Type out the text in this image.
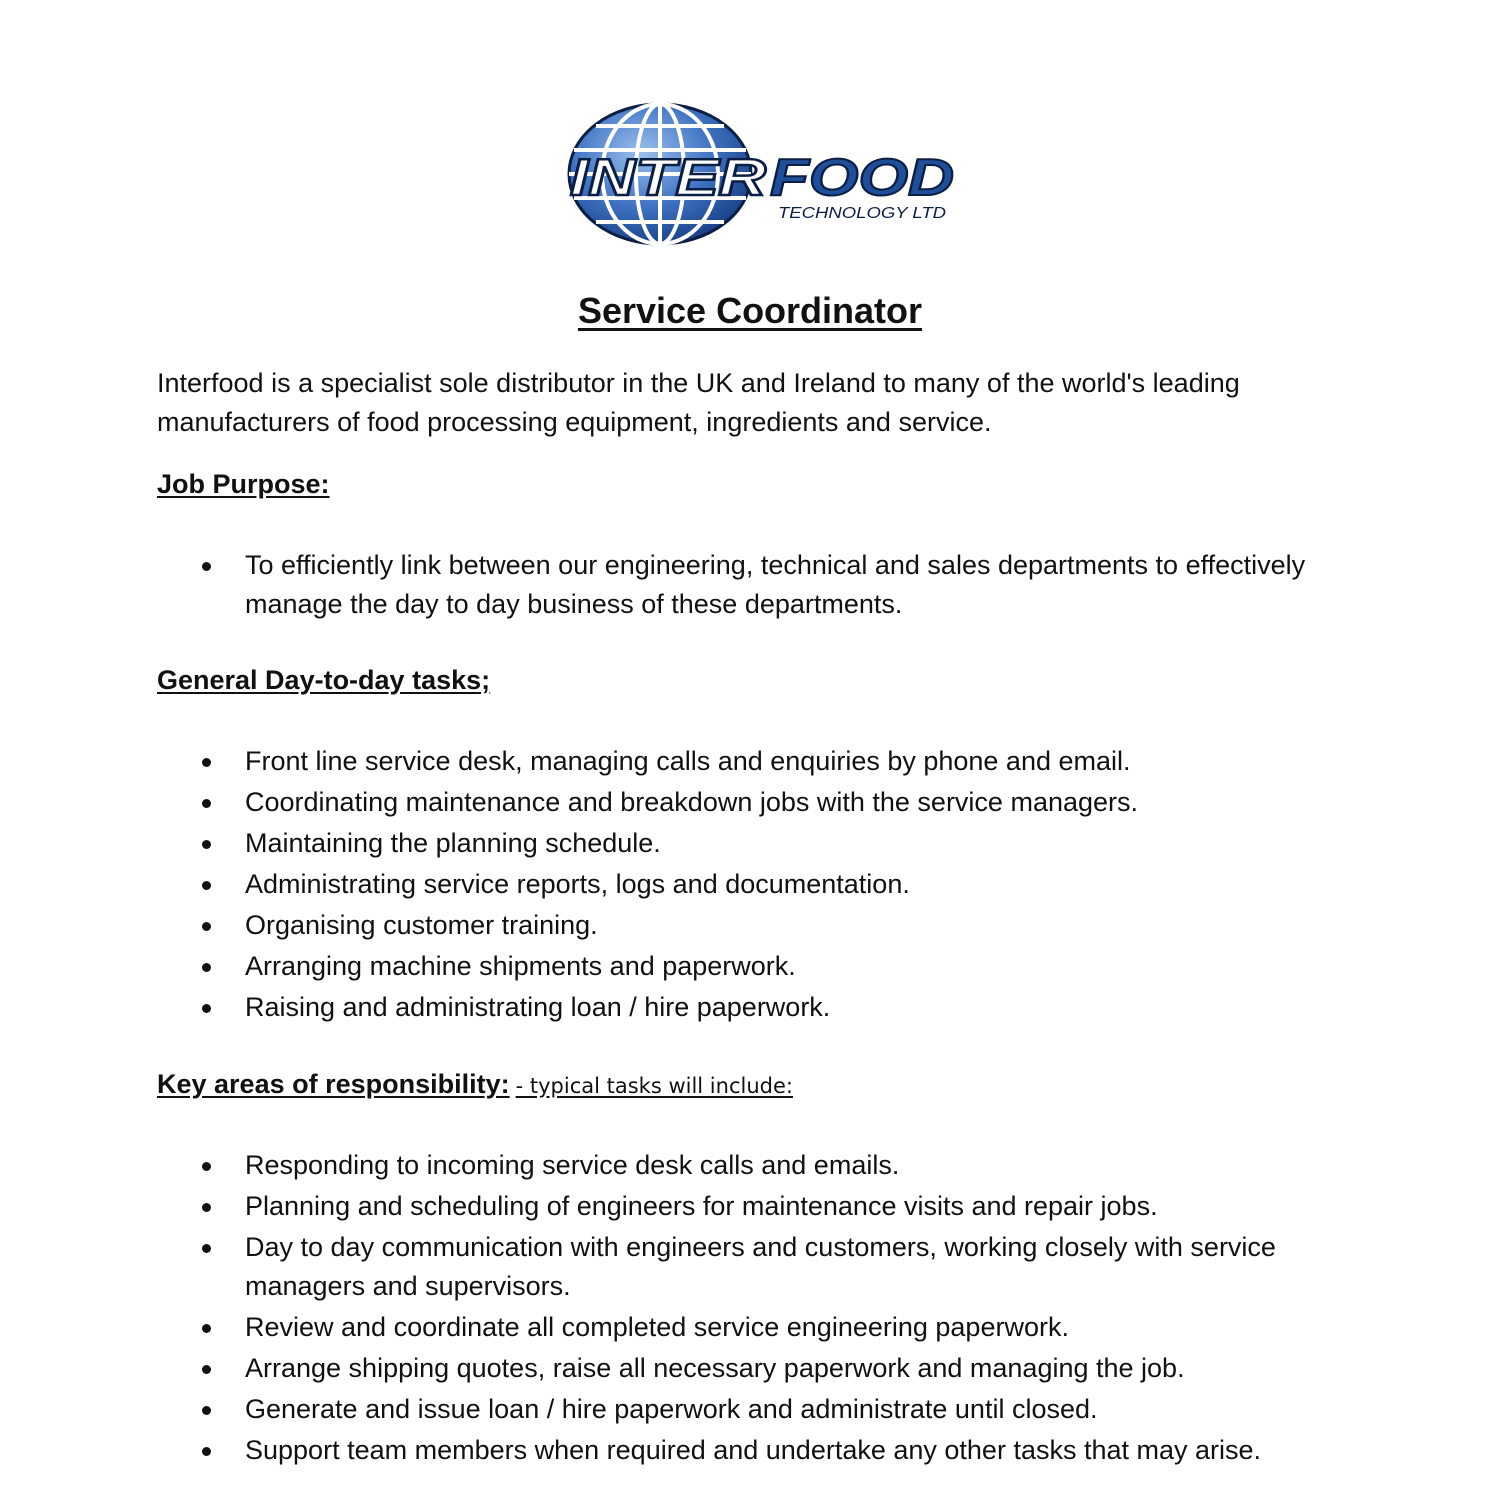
INTER FOOD
TECHNOLOGY LTD
Service Coordinator
Interfood is a specialist sole distributor in the UK and Ireland to many of the world's leading manufacturers of food processing equipment, ingredients and service.
Job Purpose:
To efficiently link between our engineering, technical and sales departments to effectively manage the day to day business of these departments.
General Day-to-day tasks;
Front line service desk, managing calls and enquiries by phone and email.
Coordinating maintenance and breakdown jobs with the service managers.
Maintaining the planning schedule.
Administrating service reports, logs and documentation.
Organising customer training.
Arranging machine shipments and paperwork.
Raising and administrating loan / hire paperwork.
Key areas of responsibility: - typical tasks will include:
Responding to incoming service desk calls and emails.
Planning and scheduling of engineers for maintenance visits and repair jobs.
Day to day communication with engineers and customers, working closely with service managers and supervisors.
Review and coordinate all completed service engineering paperwork.
Arrange shipping quotes, raise all necessary paperwork and managing the job.
Generate and issue loan / hire paperwork and administrate until closed.
Support team members when required and undertake any other tasks that may arise.
